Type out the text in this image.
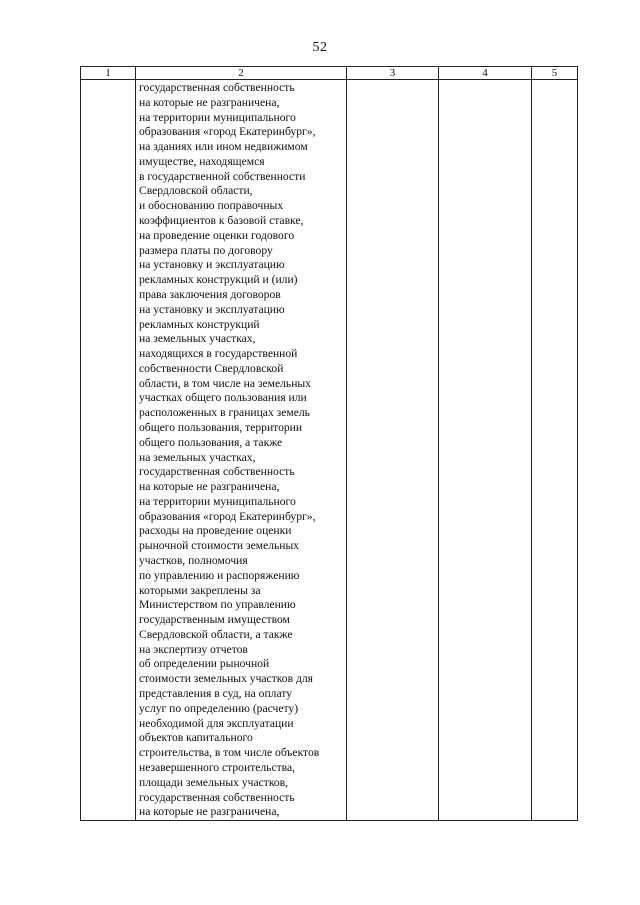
52
1	2	3	4	5
государственная собственность
на которые не разграничена,
на территории муниципального
образования «город Екатеринбург»,
на зданиях или ином недвижимом
имуществе, находящемся
в государственной собственности
Свердловской области,
и обоснованию поправочных
коэффициентов к базовой ставке,
на проведение оценки годового
размера платы по договору
на установку и эксплуатацию
рекламных конструкций и (или)
права заключения договоров
на установку и эксплуатацию
рекламных конструкций
на земельных участках,
находящихся в государственной
собственности Свердловской
области, в том числе на земельных
участках общего пользования или
расположенных в границах земель
общего пользования, территории
общего пользования, а также
на земельных участках,
государственная собственность
на которые не разграничена,
на территории муниципального
образования «город Екатеринбург»,
расходы на проведение оценки
рыночной стоимости земельных
участков, полномочия
по управлению и распоряжению
которыми закреплены за
Министерством по управлению
государственным имуществом
Свердловской области, а также
на экспертизу отчетов
об определении рыночной
стоимости земельных участков для
представления в суд, на оплату
услуг по определению (расчету)
необходимой для эксплуатации
объектов капитального
строительства, в том числе объектов
незавершенного строительства,
площади земельных участков,
государственная собственность
на которые не разграничена,
